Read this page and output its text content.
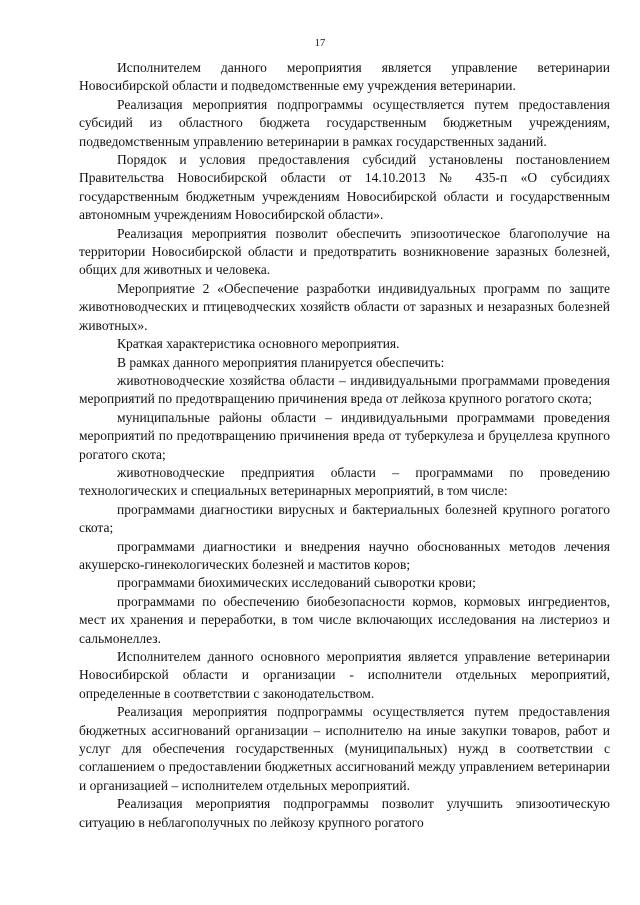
17

Исполнителем данного мероприятия является управление ветеринарии Новосибирской области и подведомственные ему учреждения ветеринарии.

Реализация мероприятия подпрограммы осуществляется путем предоставления субсидий из областного бюджета государственным бюджетным учреждениям, подведомственным управлению ветеринарии в рамках государственных заданий.

Порядок и условия предоставления субсидий установлены постановлением Правительства Новосибирской области от 14.10.2013 № 435-п «О субсидиях государственным бюджетным учреждениям Новосибирской области и государственным автономным учреждениям Новосибирской области».

Реализация мероприятия позволит обеспечить эпизоотическое благополучие на территории Новосибирской области и предотвратить возникновение заразных болезней, общих для животных и человека.

Мероприятие 2 «Обеспечение разработки индивидуальных программ по защите животноводческих и птицеводческих хозяйств области от заразных и незаразных болезней животных».

Краткая характеристика основного мероприятия.

В рамках данного мероприятия планируется обеспечить:

животноводческие хозяйства области – индивидуальными программами проведения мероприятий по предотвращению причинения вреда от лейкоза крупного рогатого скота;

муниципальные районы области – индивидуальными программами проведения мероприятий по предотвращению причинения вреда от туберкулеза и бруцеллеза крупного рогатого скота;

животноводческие предприятия области – программами по проведению технологических и специальных ветеринарных мероприятий, в том числе:

программами диагностики вирусных и бактериальных болезней крупного рогатого скота;

программами диагностики и внедрения научно обоснованных методов лечения акушерско-гинекологических болезней и маститов коров;

программами биохимических исследований сыворотки крови;

программами по обеспечению биобезопасности кормов, кормовых ингредиентов, мест их хранения и переработки, в том числе включающих исследования на листериоз и сальмонеллез.

Исполнителем данного основного мероприятия является управление ветеринарии Новосибирской области и организации - исполнители отдельных мероприятий, определенные в соответствии с законодательством.

Реализация мероприятия подпрограммы осуществляется путем предоставления бюджетных ассигнований организации – исполнителю на иные закупки товаров, работ и услуг для обеспечения государственных (муниципальных) нужд в соответствии с соглашением о предоставлении бюджетных ассигнований между управлением ветеринарии и организацией – исполнителем отдельных мероприятий.

Реализация мероприятия подпрограммы позволит улучшить эпизоотическую ситуацию в неблагополучных по лейкозу крупного рогатого
